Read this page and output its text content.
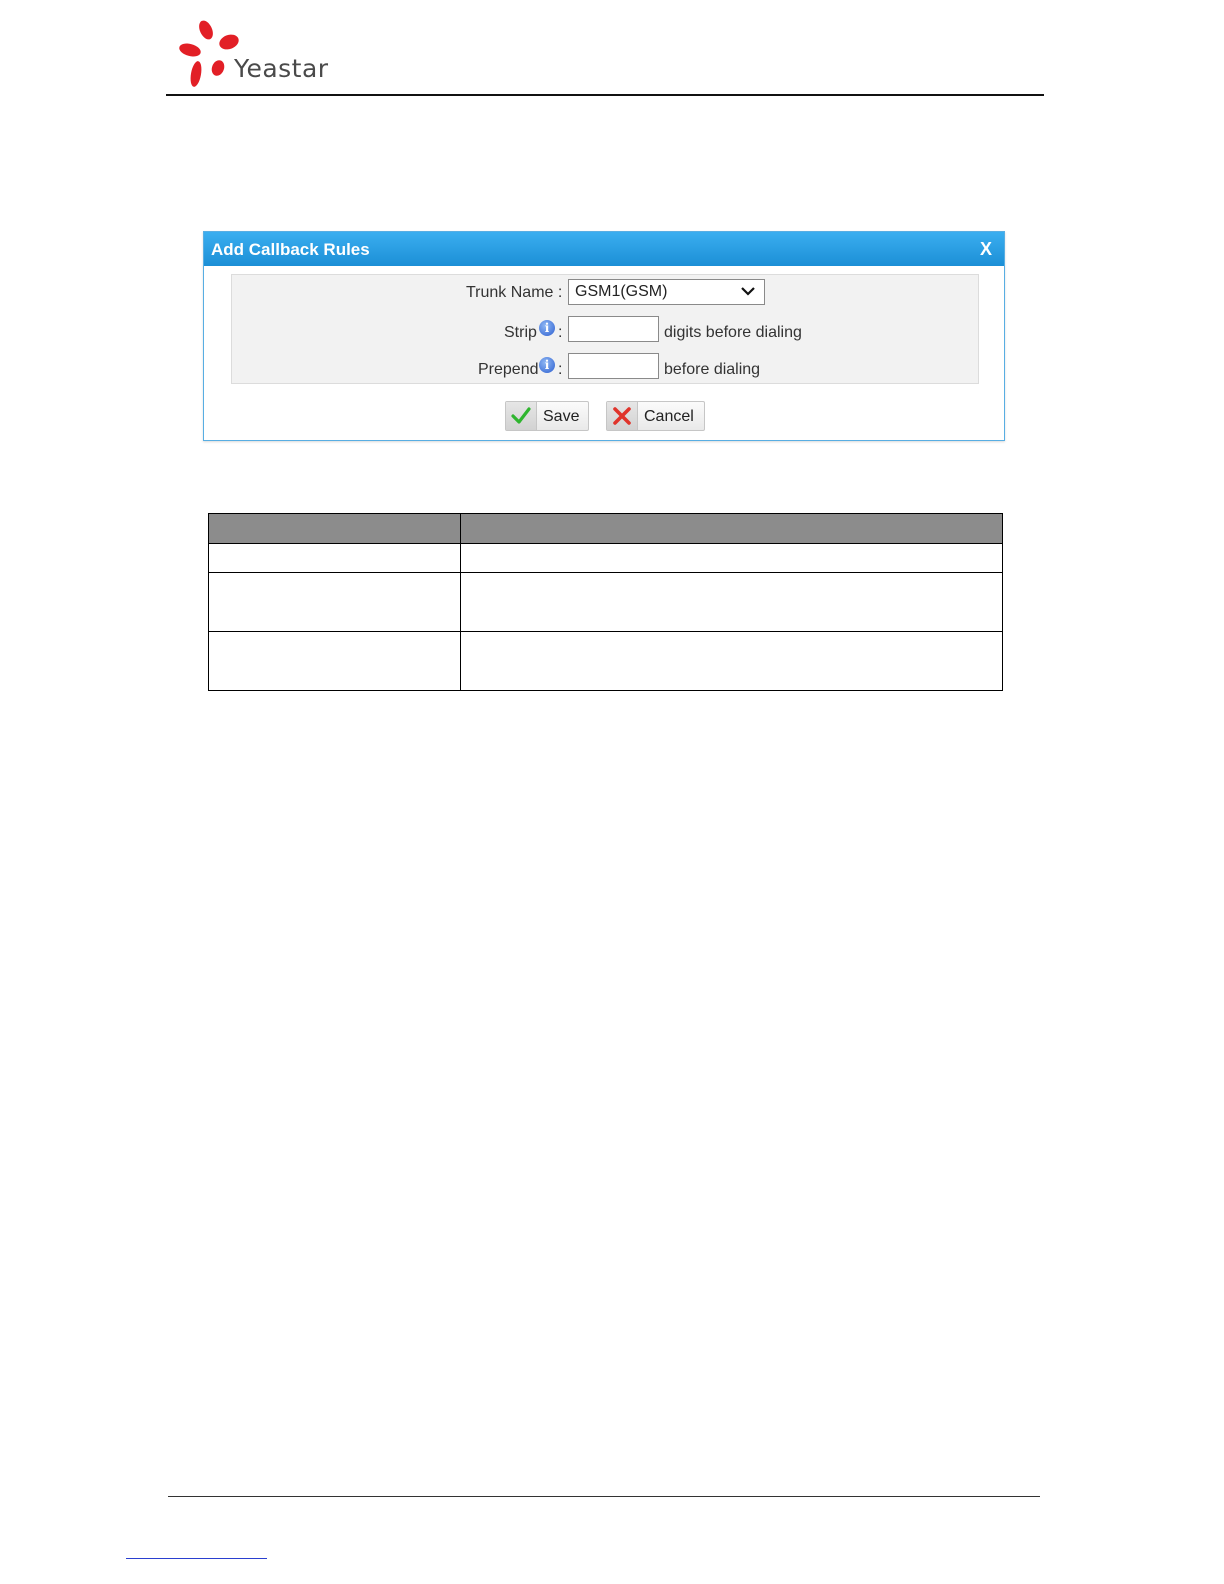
Yeastar
Add Callback Rules	X
Trunk Name : GSM1(GSM)
Strip i :	digits before dialing
Prepend i :	before dialing
Save	Cancel
